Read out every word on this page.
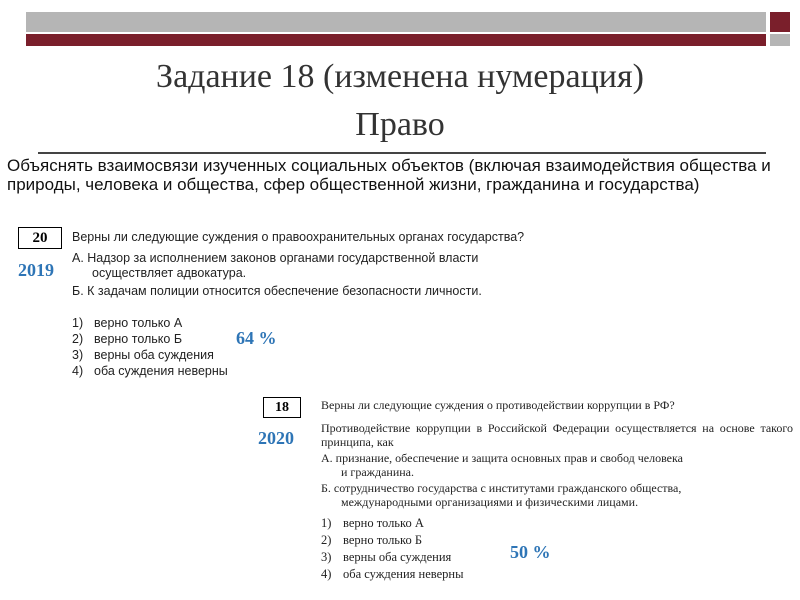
Задание 18 (изменена нумерация)
Право
Объяснять взаимосвязи изученных социальных объектов (включая взаимодействия общества и природы, человека и общества, сфер общественной жизни, гражданина и государства)
20
2019
64 %

Верны ли следующие суждения о правоохранительных органах государства?

А. Надзор за исполнением законов органами государственной власти

осуществляет адвокатура.

Б. К задачам полиции относится обеспечение безопасности личности.

1) верно только А
2) верно только Б
3) верны оба суждения
4) оба суждения неверны
18
2020
50 %

Верны ли следующие суждения о противодействии коррупции в РФ?

Противодействие коррупции в Российской Федерации осуществляется на основе такого принципа, как

А. признание, обеспечение и защита основных прав и свобод человека

и гражданина.

Б. сотрудничество государства с институтами гражданского общества,

международными организациями и физическими лицами.

1) верно только А
2) верно только Б
3) верны оба суждения
4) оба суждения неверны
